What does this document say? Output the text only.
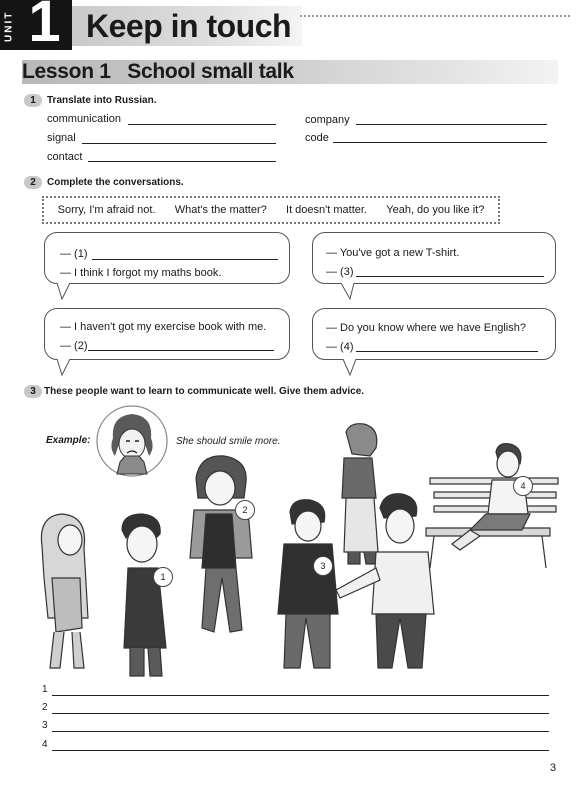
UNIT 1 Keep in touch
Lesson 1   School small talk
1	Translate into Russian.
communication
signal
contact
company
code
2	Complete the conversations.
Sorry, I'm afraid not. What's the matter? It doesn't matter. Yeah, do you like it?
— (1)
— I think I forgot my maths book.
— You've got a new T-shirt.
— (3)
— I haven't got my exercise book with me.
— (2)
— Do you know where we have English?
— (4)
3 These people want to learn to communicate well. Give them advice.
Example:	She should smile more.
1
2
3
4
1
2
3
4
3
